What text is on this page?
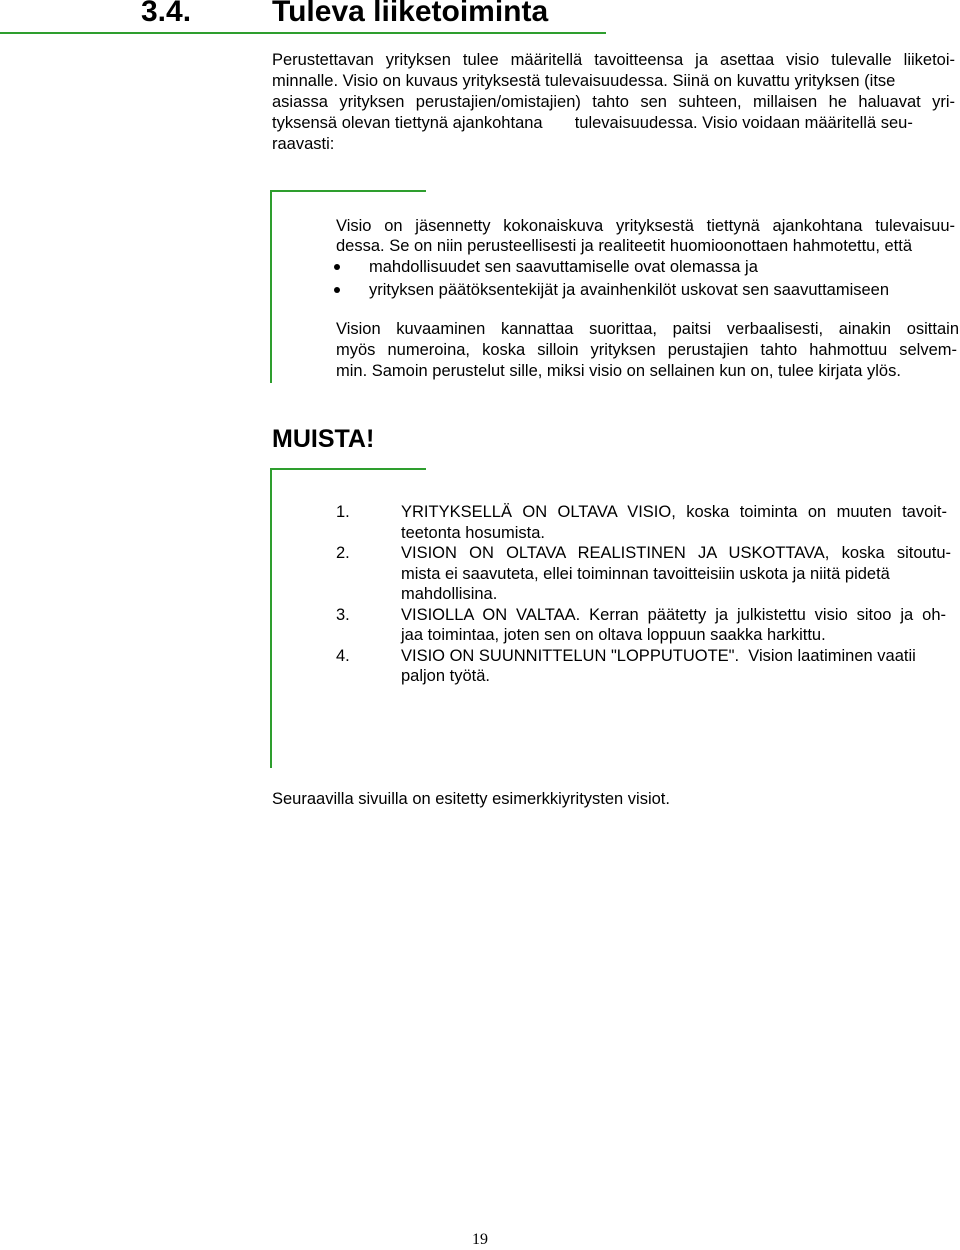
3.4.	Tuleva liiketoiminta
Perustettavan yrityksen tulee määritellä tavoitteensa ja asettaa visio tulevalle liiketoi-
minnalle. Visio on kuvaus yrityksestä tulevaisuudessa. Siinä on kuvattu yrityksen (itse
asiassa yrityksen perustajien/omistajien) tahto sen suhteen, millaisen he haluavat yri-
tyksensä olevan tiettynä ajankohtana       tulevaisuudessa. Visio voidaan määritellä seu-
raavasti:
Visio on jäsennetty kokonaiskuva yrityksestä tiettynä ajankohtana tulevaisuu-
dessa. Se on niin perusteellisesti ja realiteetit huomioonottaen hahmotettu, että
mahdollisuudet sen saavuttamiselle ovat olemassa ja
yrityksen päätöksentekijät ja avainhenkilöt uskovat sen saavuttamiseen
Vision kuvaaminen kannattaa suorittaa, paitsi verbaalisesti, ainakin osittain
myös numeroina, koska silloin yrityksen perustajien tahto hahmottuu selvem-
min. Samoin perustelut sille, miksi visio on sellainen kun on, tulee kirjata ylös.
MUISTA!
1.	YRITYKSELLÄ ON OLTAVA VISIO, koska toiminta on muuten tavoit-
teetonta hosumista.
2.	VISION ON OLTAVA REALISTINEN JA USKOTTAVA, koska sitoutu-
mista ei saavuteta, ellei toiminnan tavoitteisiin uskota ja niitä pidetä
mahdollisina.
3.	VISIOLLA ON VALTAA. Kerran päätetty ja julkistettu visio sitoo ja oh-
jaa toimintaa, joten sen on oltava loppuun saakka harkittu.
4.	VISIO ON SUUNNITTELUN "LOPPUTUOTE".  Vision laatiminen vaatii
paljon työtä.
Seuraavilla sivuilla on esitetty esimerkkiyritysten visiot.
19
